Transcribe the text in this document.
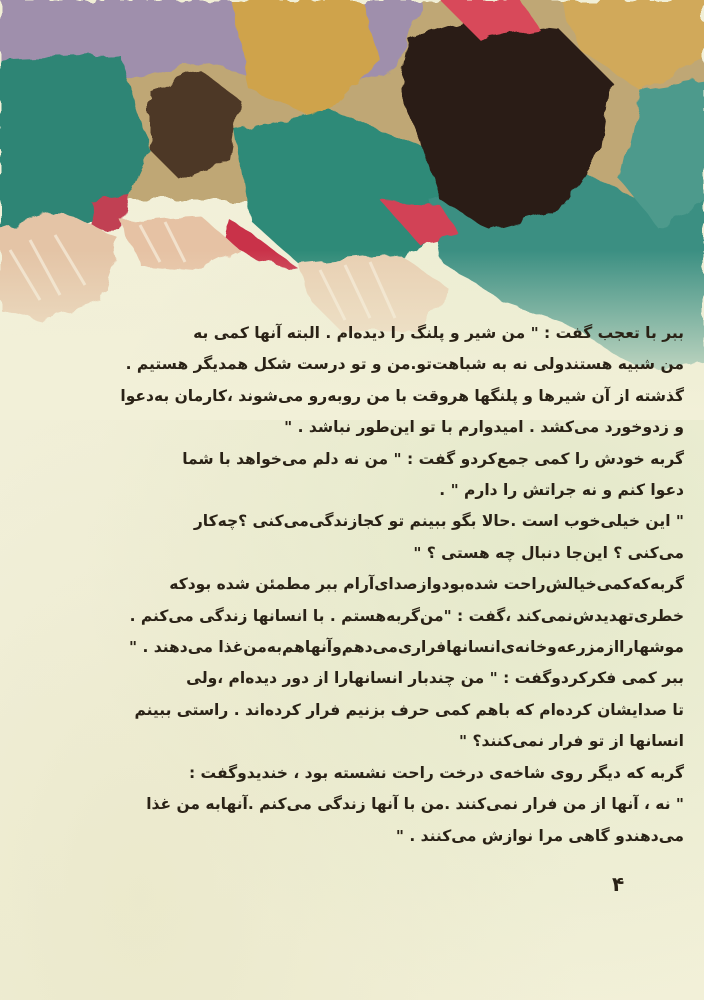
ببر با تعجب گفت : " من شیر و پلنگ را دیده‌ام . البته آنها کمی به
من شبیه هستندولی نه به شباهت‌تو.من و تو درست شکل همدیگر هستیم .
گذشته از آن شیرها و پلنگها هروقت با من روبه‌رو می‌شوند ،کارمان به‌دعوا
و زدوخورد می‌کشد . امیدوارم با تو این‌طور نباشد . "

گربه خودش را کمی جمع‌کردو گفت : " من نه دلم می‌خواهد با شما
دعوا کنم و نه جراتش را دارم " .

" این خیلی‌خوب است .حالا بگو ببینم تو کجازندگی‌می‌کنی ؟چه‌کار
می‌کنی ؟ این‌جا دنبال چه هستی ؟ "

گربه‌که‌کمی‌خیالش‌راحت شده‌بودوازصدای‌آرام ببر مطمئن شده بودکه
خطری‌تهدیدش‌نمی‌کند ،گفت : "من‌گربه‌هستم . با انسانها زندگی می‌کنم .
موشهاراازمزرعه‌وخانه‌ی‌انسانهافراری‌می‌دهم‌وآنهاهم‌به‌من‌غذا می‌دهند . "

ببر کمی فکرکردوگفت : " من چندبار انسانهارا از دور دیده‌ام ،ولی
تا صدایشان کرده‌ام که باهم کمی حرف بزنیم فرار کرده‌اند . راستی ببینم
انسانها از تو فرار نمی‌کنند؟ "

گربه که دیگر روی شاخه‌ی درخت راحت نشسته بود ، خندیدوگفت :
" نه ، آنها از من فرار نمی‌کنند .من با آنها زندگی می‌کنم .آنهابه من غذا
می‌دهندو گاهی مرا نوازش می‌کنند . "

۴
